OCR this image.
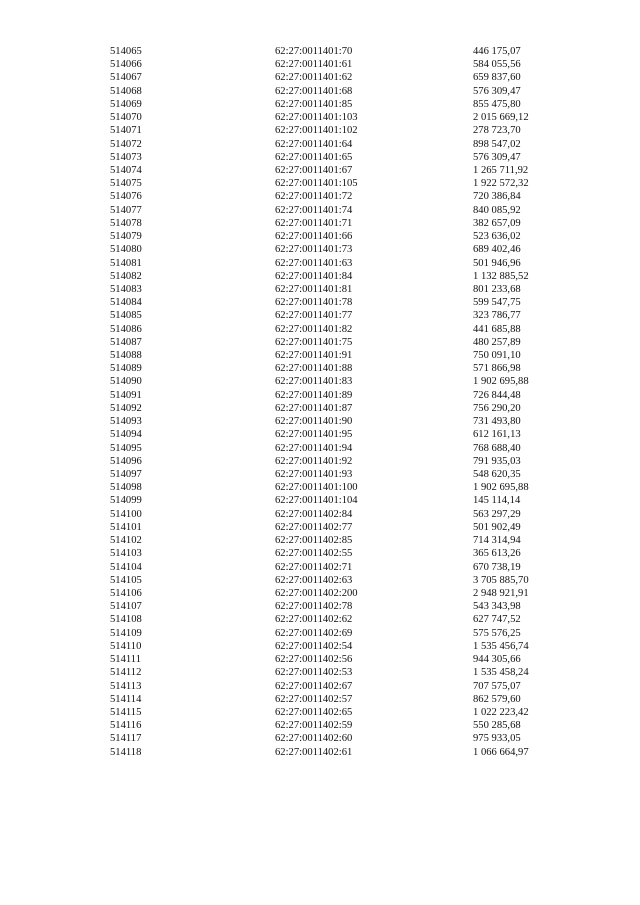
514065	62:27:0011401:70	446 175,07
514066	62:27:0011401:61	584 055,56
514067	62:27:0011401:62	659 837,60
514068	62:27:0011401:68	576 309,47
514069	62:27:0011401:85	855 475,80
514070	62:27:0011401:103	2 015 669,12
514071	62:27:0011401:102	278 723,70
514072	62:27:0011401:64	898 547,02
514073	62:27:0011401:65	576 309,47
514074	62:27:0011401:67	1 265 711,92
514075	62:27:0011401:105	1 922 572,32
514076	62:27:0011401:72	720 386,84
514077	62:27:0011401:74	840 085,92
514078	62:27:0011401:71	382 657,09
514079	62:27:0011401:66	523 636,02
514080	62:27:0011401:73	689 402,46
514081	62:27:0011401:63	501 946,96
514082	62:27:0011401:84	1 132 885,52
514083	62:27:0011401:81	801 233,68
514084	62:27:0011401:78	599 547,75
514085	62:27:0011401:77	323 786,77
514086	62:27:0011401:82	441 685,88
514087	62:27:0011401:75	480 257,89
514088	62:27:0011401:91	750 091,10
514089	62:27:0011401:88	571 866,98
514090	62:27:0011401:83	1 902 695,88
514091	62:27:0011401:89	726 844,48
514092	62:27:0011401:87	756 290,20
514093	62:27:0011401:90	731 493,80
514094	62:27:0011401:95	612 161,13
514095	62:27:0011401:94	768 688,40
514096	62:27:0011401:92	791 935,03
514097	62:27:0011401:93	548 620,35
514098	62:27:0011401:100	1 902 695,88
514099	62:27:0011401:104	145 114,14
514100	62:27:0011402:84	563 297,29
514101	62:27:0011402:77	501 902,49
514102	62:27:0011402:85	714 314,94
514103	62:27:0011402:55	365 613,26
514104	62:27:0011402:71	670 738,19
514105	62:27:0011402:63	3 705 885,70
514106	62:27:0011402:200	2 948 921,91
514107	62:27:0011402:78	543 343,98
514108	62:27:0011402:62	627 747,52
514109	62:27:0011402:69	575 576,25
514110	62:27:0011402:54	1 535 456,74
514111	62:27:0011402:56	944 305,66
514112	62:27:0011402:53	1 535 458,24
514113	62:27:0011402:67	707 575,07
514114	62:27:0011402:57	862 579,60
514115	62:27:0011402:65	1 022 223,42
514116	62:27:0011402:59	550 285,68
514117	62:27:0011402:60	975 933,05
514118	62:27:0011402:61	1 066 664,97
